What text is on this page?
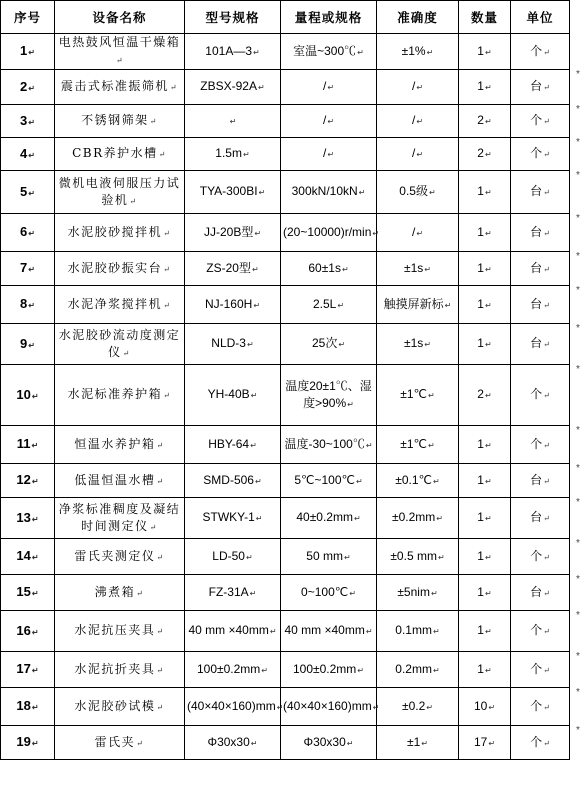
序号	设备名称	型号规格	量程或规格	准确度	数量	单位
1↵	电热鼓风恒温干燥箱↵	101A—3↵	室温~300℃↵	±1%↵	1↵	个↵
2↵	震击式标准振筛机↵	ZBSX-92A↵	/↵	/↵	1↵	台↵
3↵	不锈钢筛架↵	↵	/↵	/↵	2↵	个↵
4↵	CBR养护水槽↵	1.5m↵	/↵	/↵	2↵	个↵
5↵	微机电液伺服压力试验机↵	TYA-300BI↵	300kN/10kN↵	0.5级↵	1↵	台↵
6↵	水泥胶砂搅拌机↵	JJ-20B型↵	(20~10000)r/min↵	/↵	1↵	台↵
7↵	水泥胶砂振实台↵	ZS-20型↵	60±1s↵	±1s↵	1↵	台↵
8↵	水泥净浆搅拌机↵	NJ-160H↵	2.5L↵	触摸屏新标↵	1↵	台↵
9↵	水泥胶砂流动度测定仪↵	NLD-3↵	25次↵	±1s↵	1↵	台↵
10↵	水泥标准养护箱↵	YH-40B↵	温度20±1℃、湿度>90%↵	±1℃↵	2↵	个↵
11↵	恒温水养护箱↵	HBY-64↵	温度-30~100℃↵	±1℃↵	1↵	个↵
12↵	低温恒温水槽↵	SMD-506↵	5℃~100℃↵	±0.1℃↵	1↵	台↵
13↵	净浆标准稠度及凝结时间测定仪↵	STWKY-1↵	40±0.2mm↵	±0.2mm↵	1↵	台↵
14↵	雷氏夹测定仪↵	LD-50↵	50 mm↵	±0.5 mm↵	1↵	个↵
15↵	沸煮箱↵	FZ-31A↵	0~100℃↵	±5nim↵	1↵	台↵
16↵	水泥抗压夹具↵	40 mm ×40mm↵	40 mm ×40mm↵	0.1mm↵	1↵	个↵
17↵	水泥抗折夹具↵	100±0.2mm↵	100±0.2mm↵	0.2mm↵	1↵	个↵
18↵	水泥胶砂试模↵	(40×40×160)mm↵	(40×40×160)mm↵	±0.2↵	10↵	个↵
19↵	雷氏夹↵	Φ30x30↵	Φ30x30↵	±1↵	17↵	个↵
*
*
*
*
*
*
*
*
*
*
*
*
*
*
*
*
*
*
